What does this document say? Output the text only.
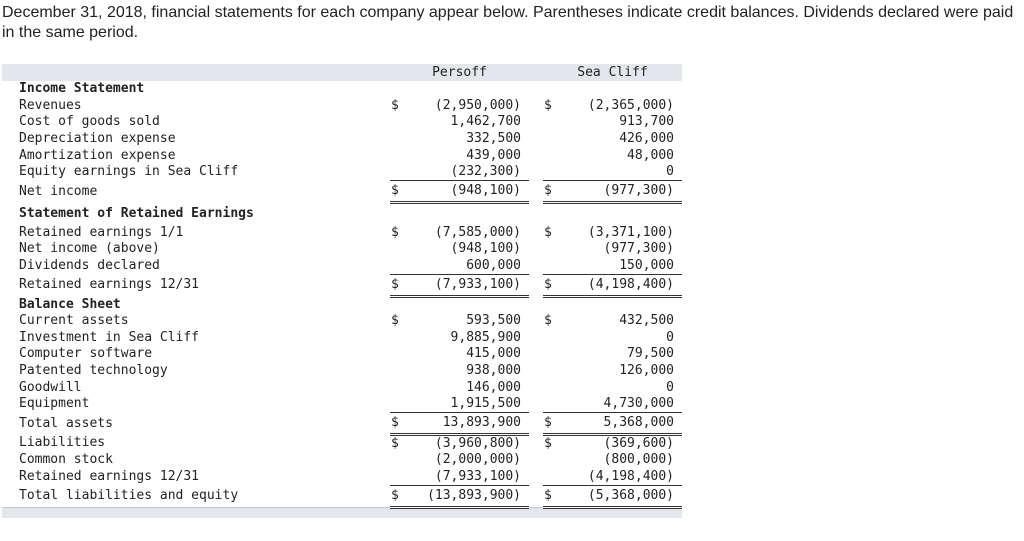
December 31, 2018, financial statements for each company appear below. Parentheses indicate credit balances. Dividends declared were paid in the same period.
	Persoff			Sea Cliff	
Income Statement					
Revenues	$	(2,950,000)		$	(2,365,000)
Cost of goods sold		1,462,700			913,700
Depreciation expense		332,500			426,000
Amortization expense		439,000			48,000
Equity earnings in Sea Cliff		(232,300)			0
Net income	$	(948,100)		$	(977,300)
Statement of Retained Earnings					
Retained earnings 1/1	$	(7,585,000)		$	(3,371,100)
Net income (above)		(948,100)			(977,300)
Dividends declared		600,000			150,000
Retained earnings 12/31	$	(7,933,100)		$	(4,198,400)
Balance Sheet					
Current assets	$	593,500		$	432,500
Investment in Sea Cliff		9,885,900			0
Computer software		415,000			79,500
Patented technology		938,000			126,000
Goodwill		146,000			0
Equipment		1,915,500			4,730,000
Total assets	$	13,893,900		$	5,368,000
Liabilities	$	(3,960,800)		$	(369,600)
Common stock		(2,000,000)			(800,000)
Retained earnings 12/31		(7,933,100)			(4,198,400)
Total liabilities and equity	$	(13,893,900)		$	(5,368,000)
